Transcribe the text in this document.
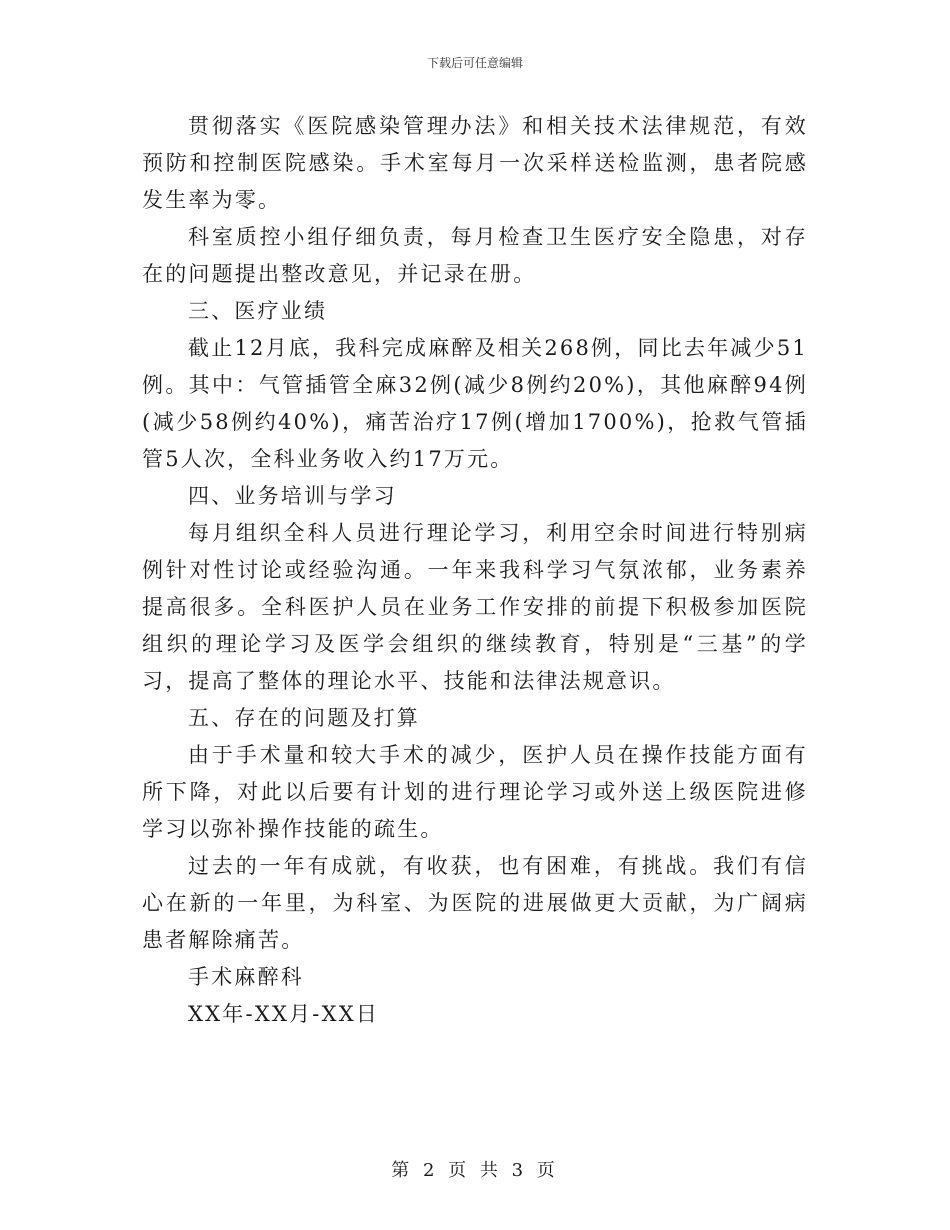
下载后可任意编辑

贯彻落实《医院感染管理办法》和相关技术法律规范，有效预防和控制医院感染。手术室每月一次采样送检监测，患者院感发生率为零。

科室质控小组仔细负责，每月检查卫生医疗安全隐患，对存在的问题提出整改意见，并记录在册。

三、医疗业绩

截止12月底，我科完成麻醉及相关268例，同比去年减少51例。其中：气管插管全麻32例(减少8例约20%)，其他麻醉94例(减少58例约40%)，痛苦治疗17例(增加1700%)，抢救气管插管5人次，全科业务收入约17万元。

四、业务培训与学习

每月组织全科人员进行理论学习，利用空余时间进行特别病例针对性讨论或经验沟通。一年来我科学习气氛浓郁，业务素养提高很多。全科医护人员在业务工作安排的前提下积极参加医院组织的理论学习及医学会组织的继续教育，特别是“三基”的学习，提高了整体的理论水平、技能和法律法规意识。

五、存在的问题及打算

由于手术量和较大手术的减少，医护人员在操作技能方面有所下降，对此以后要有计划的进行理论学习或外送上级医院进修学习以弥补操作技能的疏生。

过去的一年有成就，有收获，也有困难，有挑战。我们有信心在新的一年里，为科室、为医院的进展做更大贡献，为广阔病患者解除痛苦。

手术麻醉科

XX年-XX月-XX日

第 2 页 共 3 页
